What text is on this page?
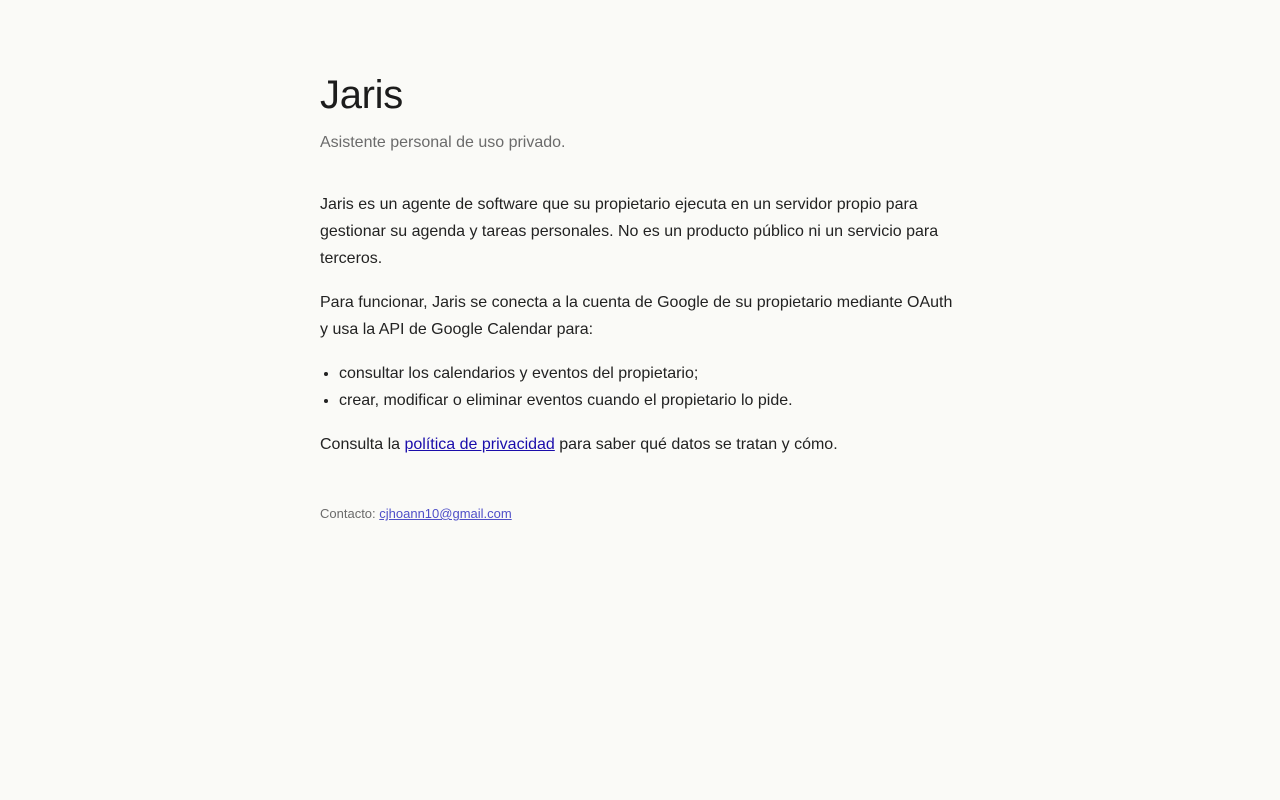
Jaris

Asistente personal de uso privado.

Jaris es un agente de software que su propietario ejecuta en un servidor propio para gestionar su agenda y tareas personales. No es un producto público ni un servicio para terceros.

Para funcionar, Jaris se conecta a la cuenta de Google de su propietario mediante OAuth y usa la API de Google Calendar para:

• consultar los calendarios y eventos del propietario;
• crear, modificar o eliminar eventos cuando el propietario lo pide.

Consulta la política de privacidad para saber qué datos se tratan y cómo.

Contacto: cjhoann10@gmail.com
